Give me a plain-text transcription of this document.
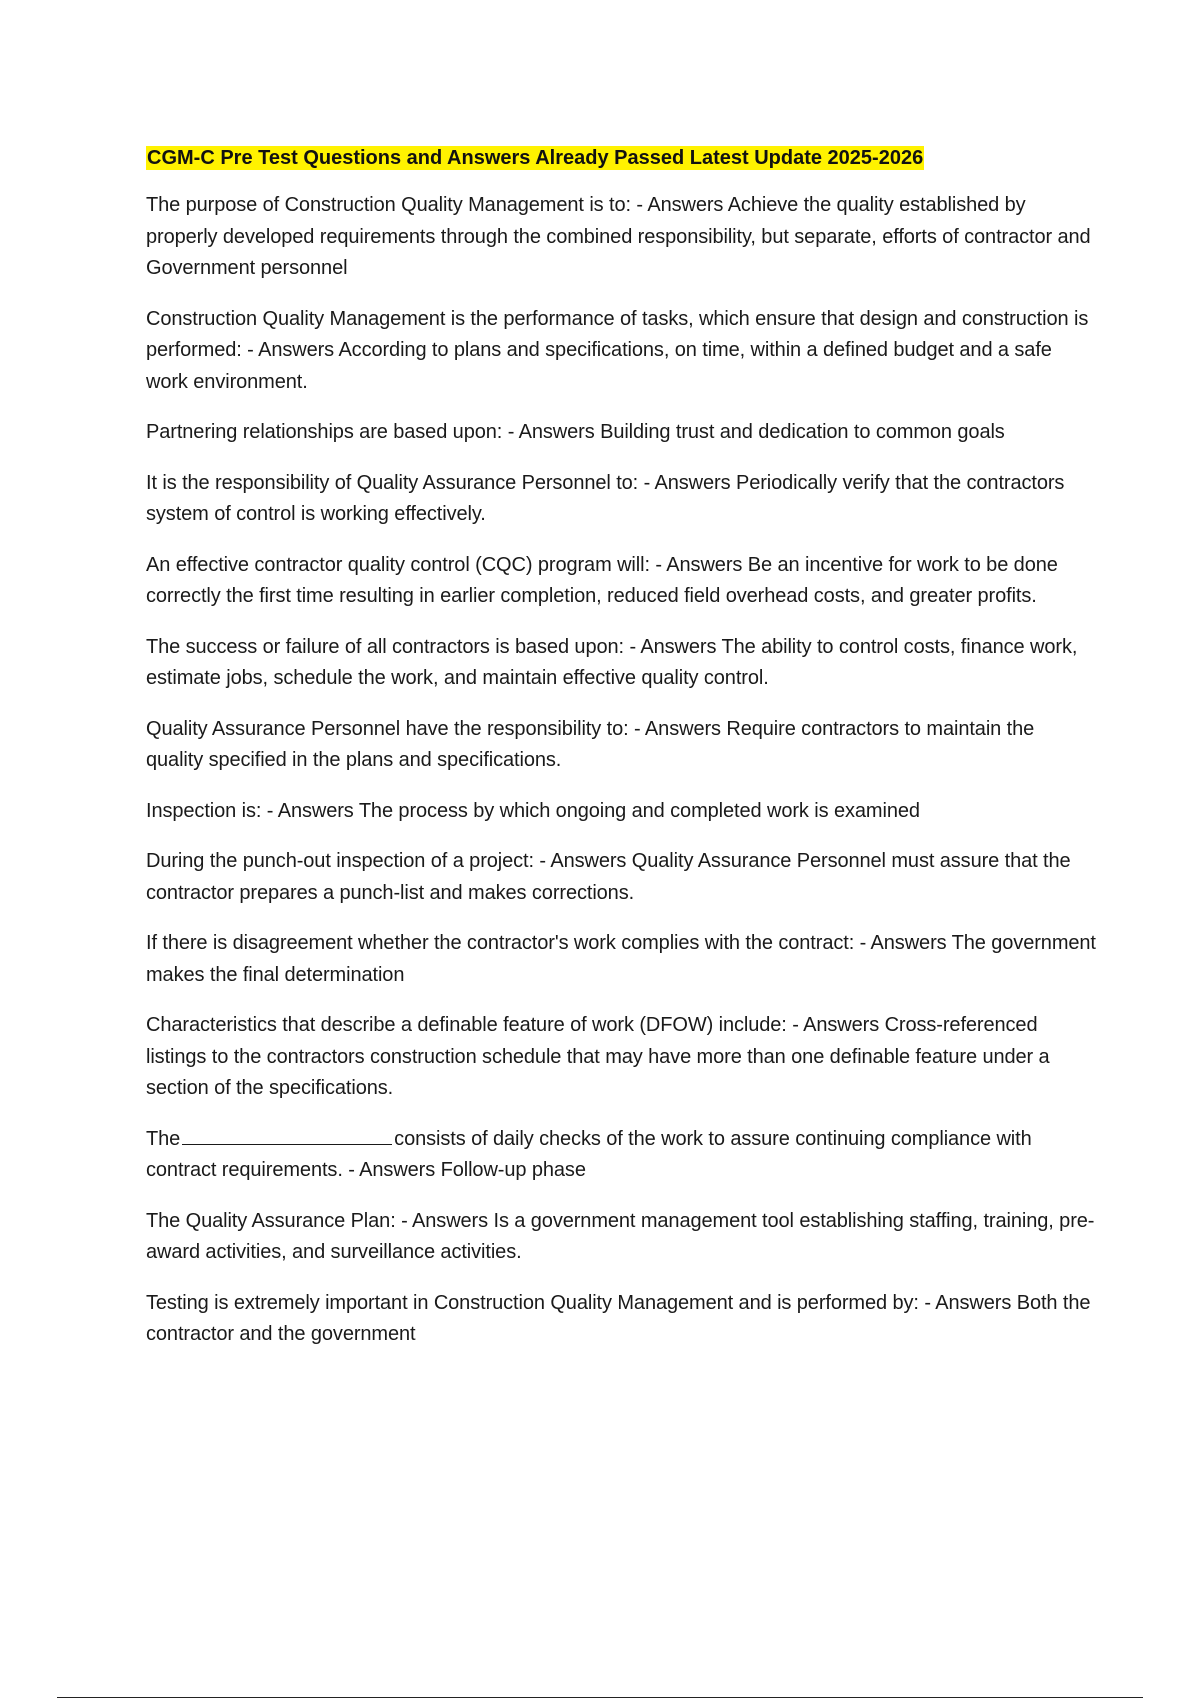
CGM-C Pre Test Questions and Answers Already Passed Latest Update 2025-2026

The purpose of Construction Quality Management is to: - Answers Achieve the quality established by properly developed requirements through the combined responsibility, but separate, efforts of contractor and Government personnel

Construction Quality Management is the performance of tasks, which ensure that design and construction is performed: - Answers According to plans and specifications, on time, within a defined budget and a safe work environment.

Partnering relationships are based upon: - Answers Building trust and dedication to common goals

It is the responsibility of Quality Assurance Personnel to: - Answers Periodically verify that the contractors system of control is working effectively.

An effective contractor quality control (CQC) program will: - Answers Be an incentive for work to be done correctly the first time resulting in earlier completion, reduced field overhead costs, and greater profits.

The success or failure of all contractors is based upon: - Answers The ability to control costs, finance work, estimate jobs, schedule the work, and maintain effective quality control.

Quality Assurance Personnel have the responsibility to: - Answers Require contractors to maintain the quality specified in the plans and specifications.

Inspection is: - Answers The process by which ongoing and completed work is examined

During the punch-out inspection of a project: - Answers Quality Assurance Personnel must assure that the contractor prepares a punch-list and makes corrections.

If there is disagreement whether the contractor's work complies with the contract: - Answers The government makes the final determination

Characteristics that describe a definable feature of work (DFOW) include: - Answers Cross-referenced listings to the contractors construction schedule that may have more than one definable feature under a section of the specifications.

The	consists of daily checks of the work to assure continuing compliance with contract requirements. - Answers Follow-up phase

The Quality Assurance Plan: - Answers Is a government management tool establishing staffing, training, pre-award activities, and surveillance activities.

Testing is extremely important in Construction Quality Management and is performed by: - Answers Both the contractor and the government
